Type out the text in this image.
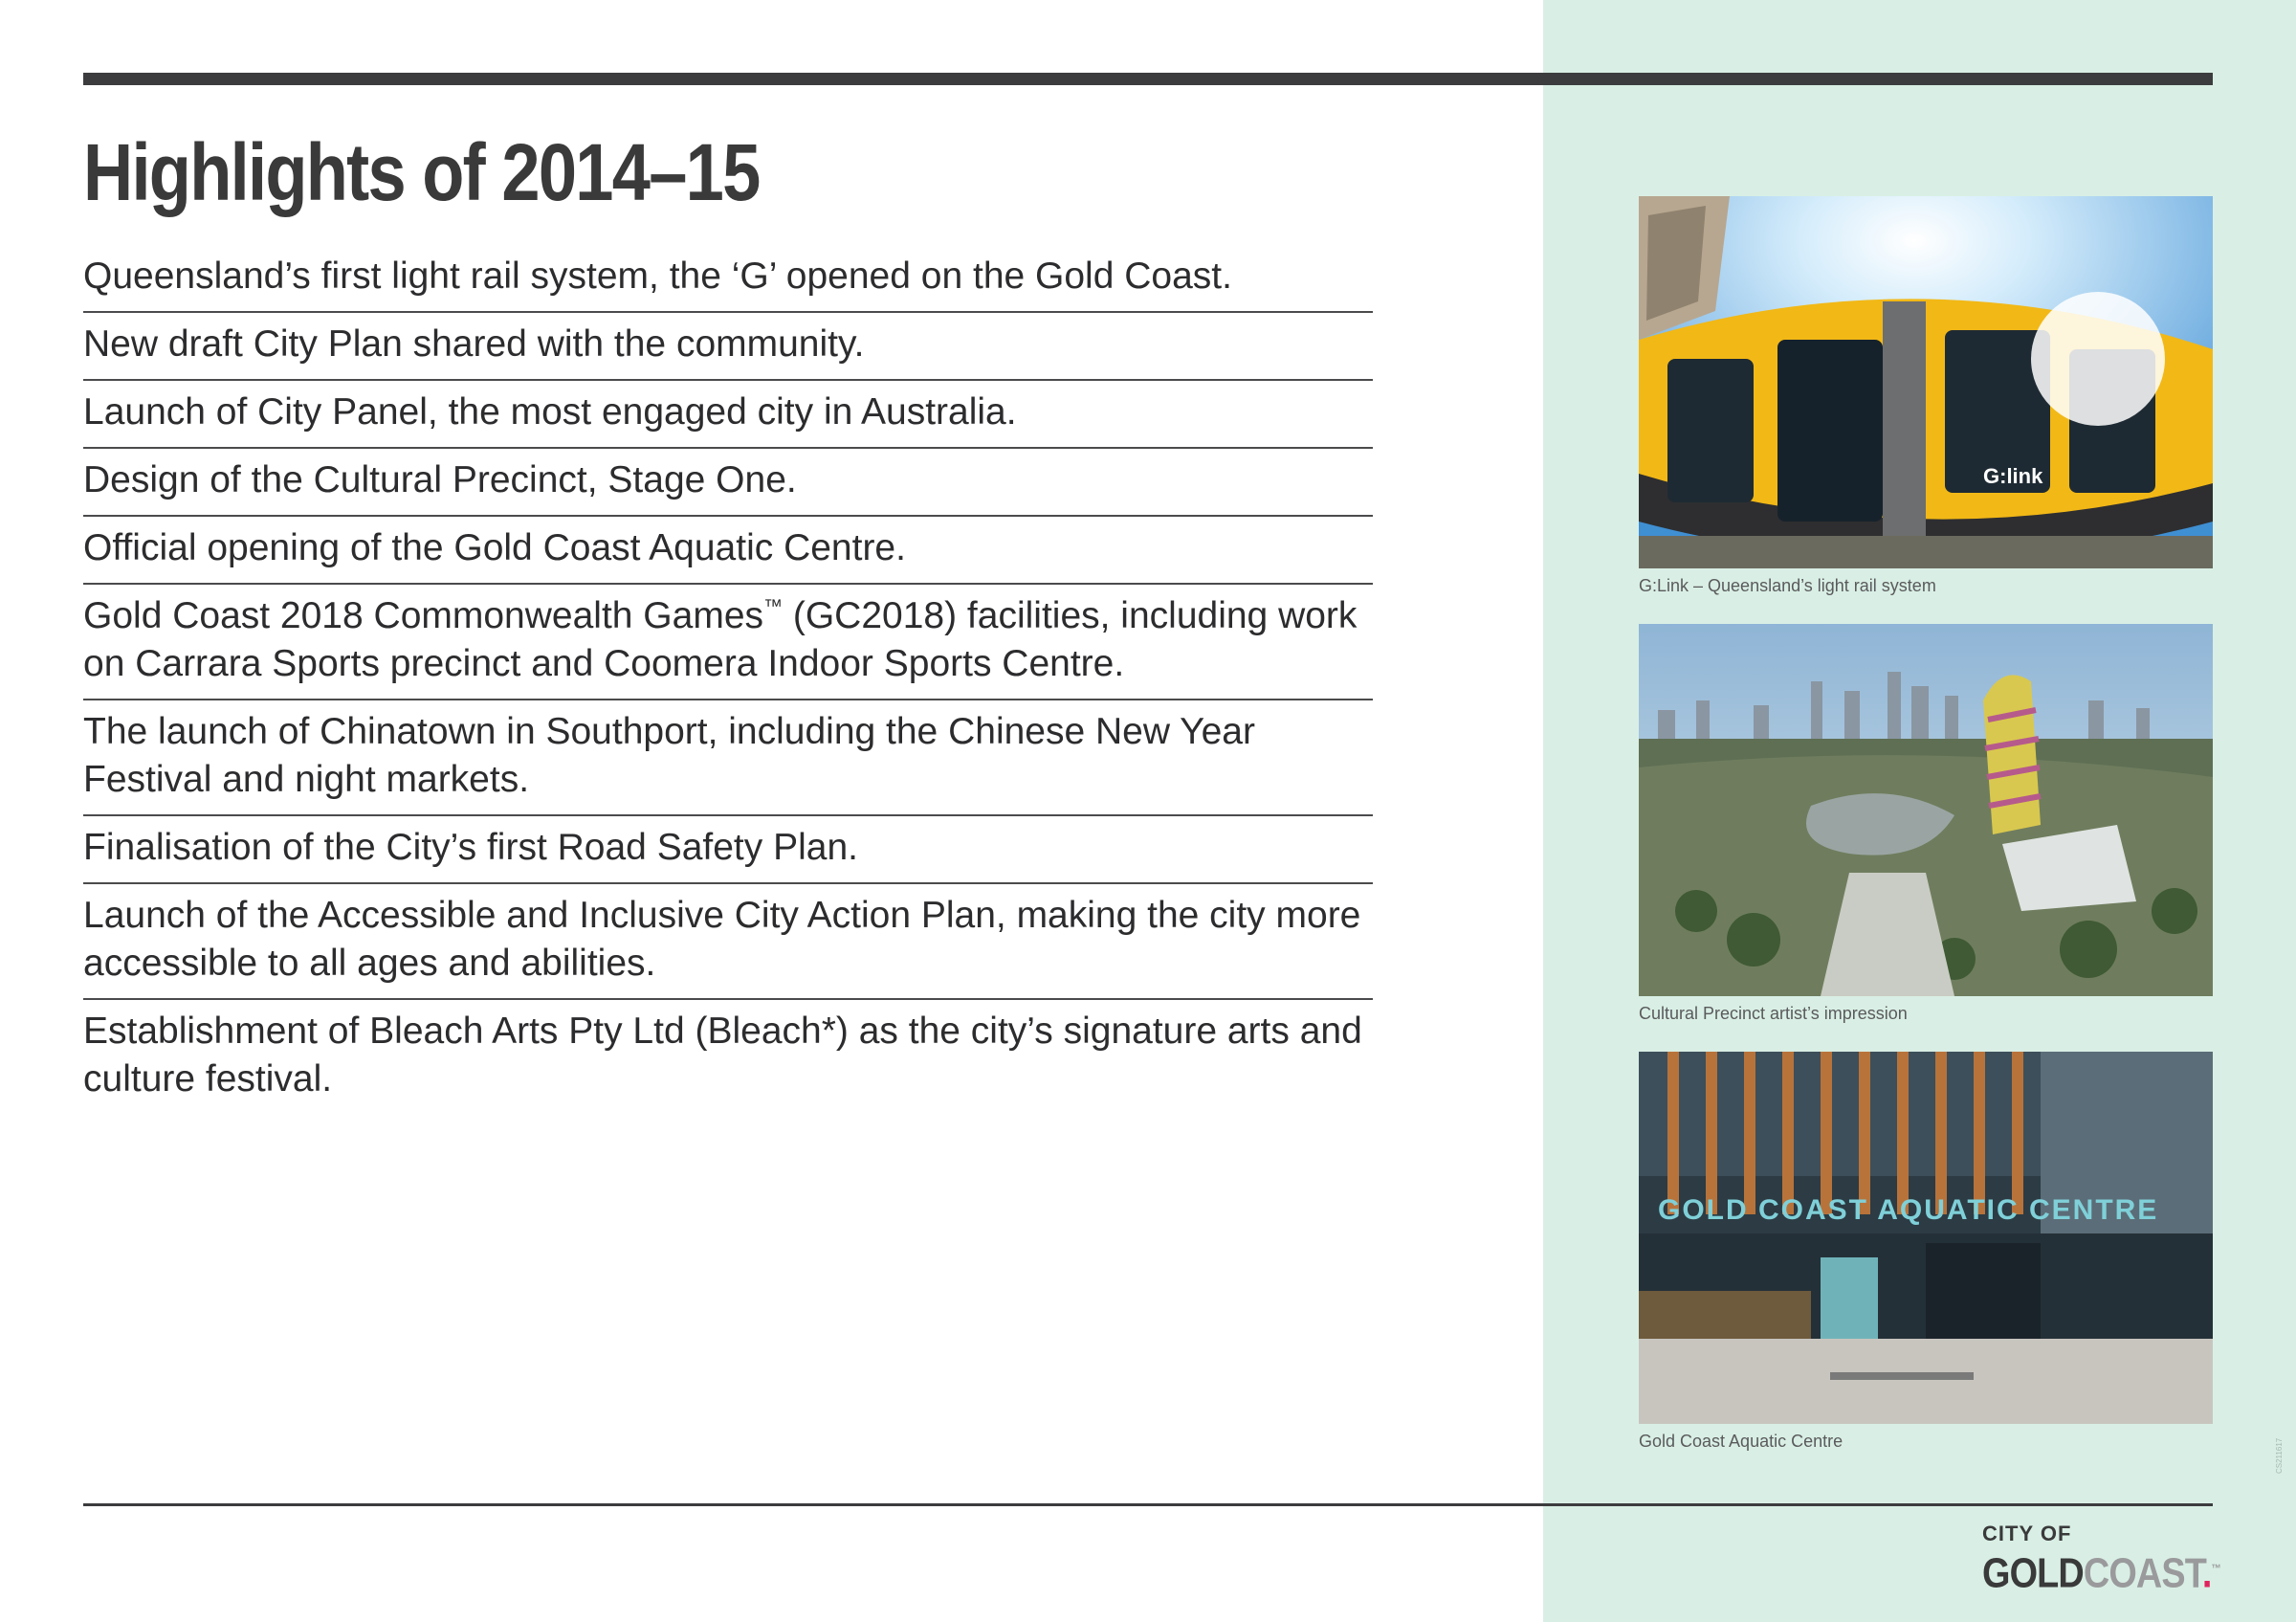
Highlights of 2014–15
Queensland’s first light rail system, the ‘G’ opened on the Gold Coast.
New draft City Plan shared with the community.
Launch of City Panel, the most engaged city in Australia.
Design of the Cultural Precinct, Stage One.
Official opening of the Gold Coast Aquatic Centre.
Gold Coast 2018 Commonwealth Games™ (GC2018) facilities, including work on Carrara Sports precinct and Coomera Indoor Sports Centre.
The launch of Chinatown in Southport, including the Chinese New Year Festival and night markets.
Finalisation of the City’s first Road Safety Plan.
Launch of the Accessible and Inclusive City Action Plan, making the city more accessible to all ages and abilities.
Establishment of Bleach Arts Pty Ltd (Bleach*) as the city’s signature arts and culture festival.
G:link
G:Link – Queensland’s light rail system
Cultural Precinct artist’s impression
GOLD COAST AQUATIC CENTRE
Gold Coast Aquatic Centre
CITY OF
GOLDCOAST.™
CS211617
